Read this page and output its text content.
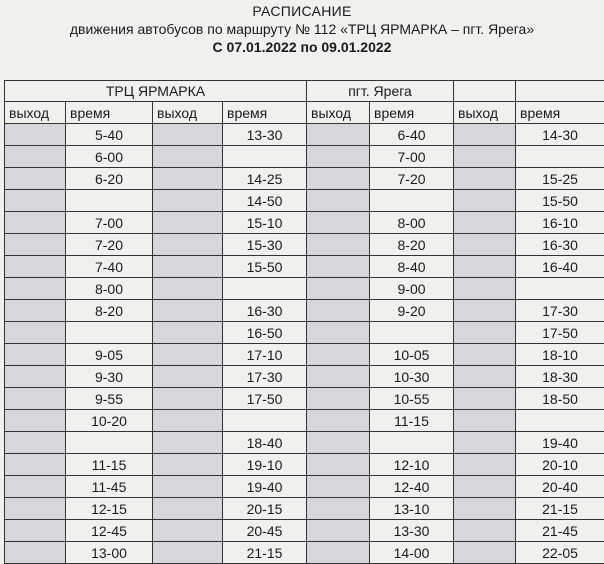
РАСПИСАНИЕ
движения автобусов по маршруту № 112 «ТРЦ ЯРМАРКА – пгт. Ярега»
С 07.01.2022 по 09.01.2022
ТРЦ ЯРМАРКА				пгт. Ярега			
выход	время	выход	время	выход	время	выход	время
	5-40		13-30		6-40		14-30
	6-00				7-00		
	6-20		14-25		7-20		15-25
			14-50				15-50
	7-00		15-10		8-00		16-10
	7-20		15-30		8-20		16-30
	7-40		15-50		8-40		16-40
	8-00				9-00		
	8-20		16-30		9-20		17-30
			16-50				17-50
	9-05		17-10		10-05		18-10
	9-30		17-30		10-30		18-30
	9-55		17-50		10-55		18-50
	10-20				11-15		
			18-40				19-40
	11-15		19-10		12-10		20-10
	11-45		19-40		12-40		20-40
	12-15		20-15		13-10		21-15
	12-45		20-45		13-30		21-45
	13-00		21-15		14-00		22-05
